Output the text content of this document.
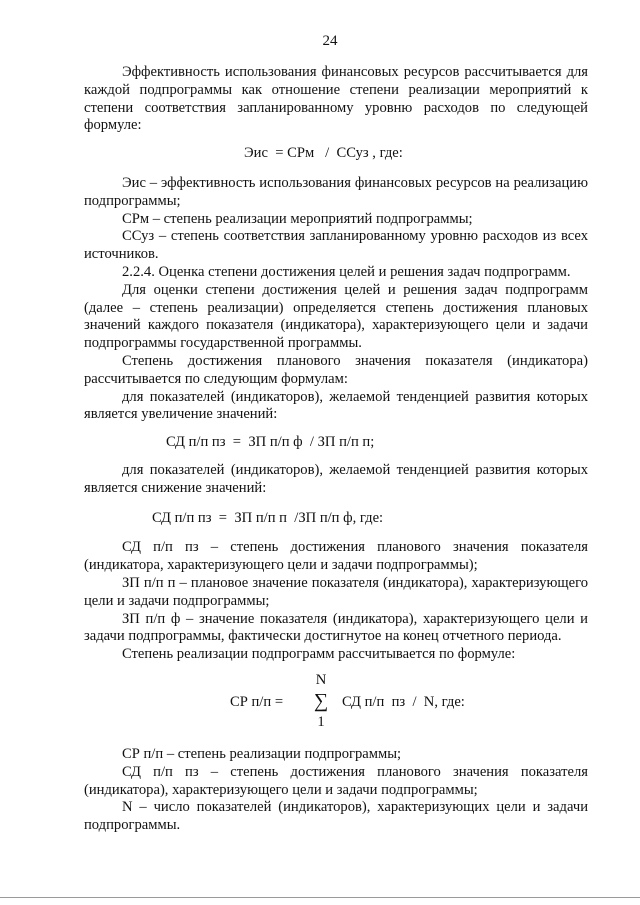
24

Эффективность использования финансовых ресурсов рассчитывается для каждой подпрограммы как отношение степени реализации мероприятий к степени соответствия запланированному уровню расходов по следующей формуле:

Эис  = СРм   /  ССуз , где:

Эис – эффективность использования финансовых ресурсов на реализацию подпрограммы;

СРм – степень реализации мероприятий подпрограммы;

ССуз – степень соответствия запланированному уровню расходов из всех источников.

2.2.4. Оценка степени достижения целей и решения задач подпрограмм.

Для оценки степени достижения целей и решения задач подпрограмм (далее – степень реализации) определяется степень достижения плановых значений каждого показателя (индикатора), характеризующего цели и задачи подпрограммы государственной программы.

Степень достижения планового значения показателя (индикатора) рассчитывается по следующим формулам:

для показателей (индикаторов), желаемой тенденцией развития которых является увеличение значений:

СД п/п пз  =  ЗП п/п ф  / ЗП п/п п;

для показателей (индикаторов), желаемой тенденцией развития которых является снижение значений:

СД п/п пз  =  ЗП п/п п  /ЗП п/п ф, где:

СД п/п пз – степень достижения планового значения показателя (индикатора, характеризующего цели и задачи подпрограммы);

ЗП п/п п – плановое значение показателя (индикатора), характеризующего цели и задачи подпрограммы;

ЗП п/п ф – значение показателя (индикатора), характеризующего цели и задачи подпрограммы, фактически достигнутое на конец отчетного периода.

Степень реализации подпрограмм рассчитывается по формуле:

N
СР п/п = ∑ СД п/п  пз  /  N, где:
1

СР п/п – степень реализации подпрограммы;

СД п/п пз – степень достижения планового значения показателя (индикатора), характеризующего цели и задачи подпрограммы;

N – число показателей (индикаторов), характеризующих цели и задачи подпрограммы.
